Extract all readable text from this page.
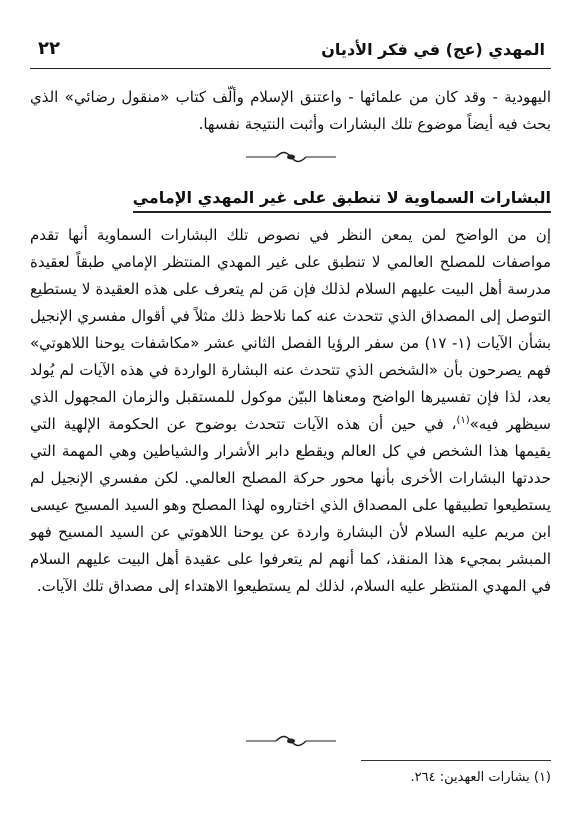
المهدي (عج) في فكر الأديان
٢٢

اليهودية - وقد كان من علمائها - واعتنق الإسلام وألّف كتاب «منقول رضائي» الذي بحث فيه أيضاً موضوع تلك البشارات وأثبت النتيجة نفسها.

البشارات السماوية لا تنطبق على غير المهدي الإمامي

إن من الواضح لمن يمعن النظر في نصوص تلك البشارات السماوية أنها تقدم مواصفات للمصلح العالمي لا تنطبق على غير المهدي المنتظر الإمامي طبقاً لعقيدة مدرسة أهل البيت عليهم السلام لذلك فإن مَن لم يتعرف على هذه العقيدة لا يستطيع التوصل إلى المصداق الذي تتحدث عنه كما نلاحظ ذلك مثلاً في أقوال مفسري الإنجيل بشأن الآيات (١- ١٧) من سفر الرؤيا الفصل الثاني عشر «مكاشفات يوحنا اللاهوتي» فهم يصرحون بأن «الشخص الذي تتحدث عنه البشارة الواردة في هذه الآيات لم يُولد بعد، لذا فإن تفسيرها الواضح ومعناها البيّن موكول للمستقبل والزمان المجهول الذي سيظهر فيه»$^{(١)}$، في حين أن هذه الآيات تتحدث بوضوح عن الحكومة الإلهية التي يقيمها هذا الشخص في كل العالم ويقطع دابر الأشرار والشياطين وهي المهمة التي حددتها البشارات الأخرى بأنها محور حركة المصلح العالمي. لكن مفسري الإنجيل لم يستطيعوا تطبيقها على المصداق الذي اختاروه لهذا المصلح وهو السيد المسيح عيسى ابن مريم عليه السلام لأن البشارة واردة عن يوحنا اللاهوتي عن السيد المسيح فهو المبشر بمجيء هذا المنقذ، كما أنهم لم يتعرفوا على عقيدة أهل البيت عليهم السلام في المهدي المنتظر عليه السلام، لذلك لم يستطيعوا الاهتداء إلى مصداق تلك الآيات.

(١) بشارات العهدين: ٢٦٤.
